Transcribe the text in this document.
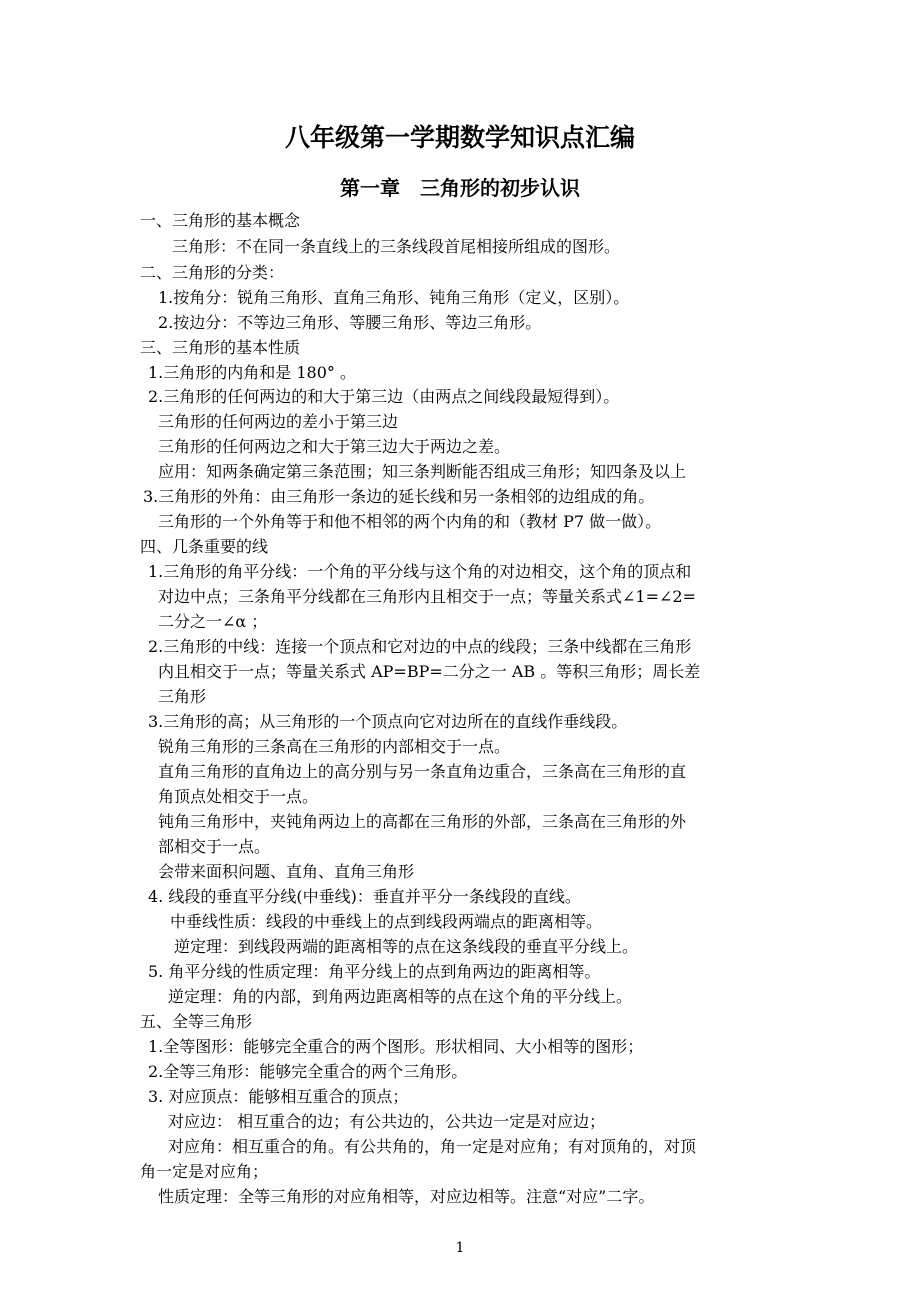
八年级第一学期数学知识点汇编
第一章　三角形的初步认识
一、三角形的基本概念
三角形：不在同一条直线上的三条线段首尾相接所组成的图形。
二、三角形的分类：
1.按角分：锐角三角形、直角三角形、钝角三角形（定义，区别）。
2.按边分：不等边三角形、等腰三角形、等边三角形。
三、三角形的基本性质
1.三角形的内角和是 180° 。
2.三角形的任何两边的和大于第三边（由两点之间线段最短得到）。
三角形的任何两边的差小于第三边
三角形的任何两边之和大于第三边大于两边之差。
应用：知两条确定第三条范围；知三条判断能否组成三角形；知四条及以上
3.三角形的外角：由三角形一条边的延长线和另一条相邻的边组成的角。
三角形的一个外角等于和他不相邻的两个内角的和（教材 P7 做一做）。
四、几条重要的线
1.三角形的角平分线：一个角的平分线与这个角的对边相交，这个角的顶点和
对边中点；三条角平分线都在三角形内且相交于一点；等量关系式∠1=∠2=
二分之一∠α ；
2.三角形的中线：连接一个顶点和它对边的中点的线段；三条中线都在三角形
内且相交于一点；等量关系式 AP=BP=二分之一 AB 。等积三角形；周长差
三角形
3.三角形的高；从三角形的一个顶点向它对边所在的直线作垂线段。
锐角三角形的三条高在三角形的内部相交于一点。
直角三角形的直角边上的高分别与另一条直角边重合，三条高在三角形的直
角顶点处相交于一点。
钝角三角形中，夹钝角两边上的高都在三角形的外部，三条高在三角形的外
部相交于一点。
会带来面积问题、直角、直角三角形
4. 线段的垂直平分线(中垂线)：垂直并平分一条线段的直线。
中垂线性质：线段的中垂线上的点到线段两端点的距离相等。
逆定理：到线段两端的距离相等的点在这条线段的垂直平分线上。
5. 角平分线的性质定理：角平分线上的点到角两边的距离相等。
逆定理：角的内部，到角两边距离相等的点在这个角的平分线上。
五、全等三角形
1.全等图形：能够完全重合的两个图形。形状相同、大小相等的图形；
2.全等三角形：能够完全重合的两个三角形。
3. 对应顶点：能够相互重合的顶点；
对应边： 相互重合的边；有公共边的，公共边一定是对应边；
对应角：相互重合的角。有公共角的，角一定是对应角；有对顶角的，对顶
角一定是对应角；
性质定理：全等三角形的对应角相等，对应边相等。注意“对应”二字。
1
